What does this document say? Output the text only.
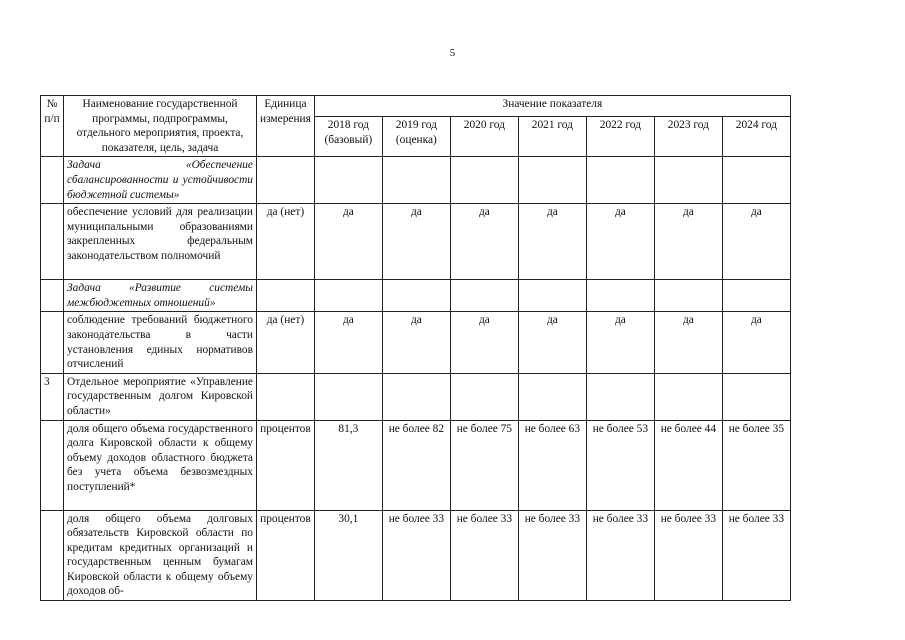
5
№ п/п	Наименование государственной программы, подпрограммы, отдельного мероприятия, проекта, показателя, цель, задача	Единица измерения	Значение показателя						
			2018 год (базовый)	2019 год (оценка)	2020 год	2021 год	2022 год	2023 год	2024 год
	Задача «Обеспечение сбалансированности и устойчивости бюджетной системы»								
	обеспечение условий для реализации муниципальными образованиями закрепленных федеральным законодательством полномочий	да (нет)	да	да	да	да	да	да	да
	Задача «Развитие системы межбюджетных отношений»								
	соблюдение требований бюджетного законодательства в части установления единых нормативов отчислений	да (нет)	да	да	да	да	да	да	да
3	Отдельное мероприятие «Управление государственным долгом Кировской области»								
	доля общего объема государственного долга Кировской области к общему объему доходов областного бюджета без учета объема безвозмездных поступлений*	процентов	81,3	не более 82	не более 75	не более 63	не более 53	не более 44	не более 35
	доля общего объема долговых обязательств Кировской области по кредитам кредитных организаций и государственным ценным бумагам Кировской области к общему объему доходов об-	процентов	30,1	не более 33	не более 33	не более 33	не более 33	не более 33	не более 33
